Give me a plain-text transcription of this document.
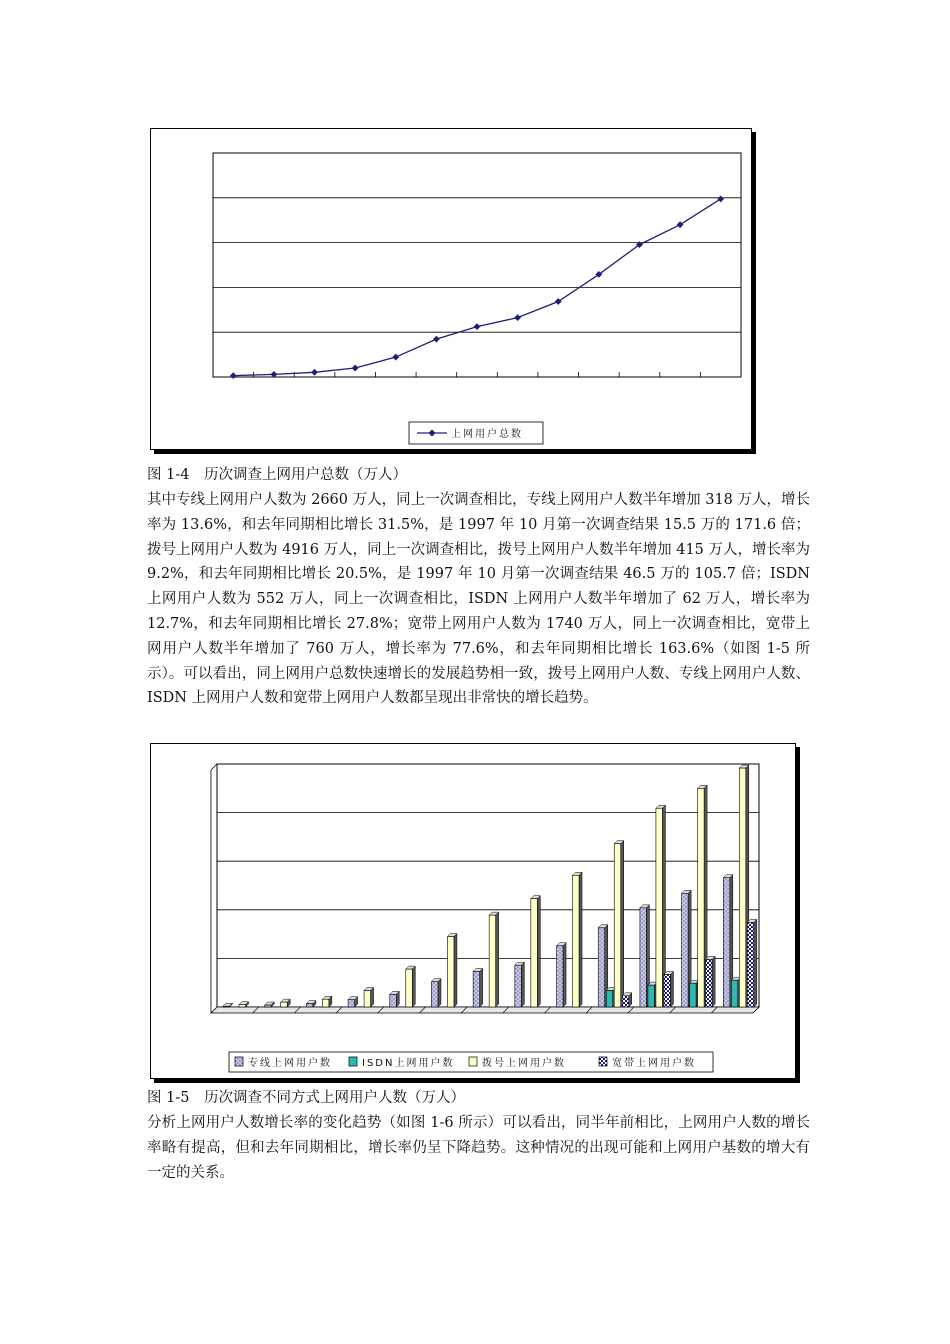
上网用户总数
图 1-4　历次调查上网用户总数（万人）
其中专线上网用户人数为 2660 万人，同上一次调查相比，专线上网用户人数半年增加 318 万人，增长率为 13.6%，和去年同期相比增长 31.5%，是 1997 年 10 月第一次调查结果 15.5 万的 171.6 倍；拨号上网用户人数为 4916 万人，同上一次调查相比，拨号上网用户人数半年增加 415 万人，增长率为 9.2%，和去年同期相比增长 20.5%，是 1997 年 10 月第一次调查结果 46.5 万的 105.7 倍；ISDN 上网用户人数为 552 万人，同上一次调查相比，ISDN 上网用户人数半年增加了 62 万人，增长率为 12.7%，和去年同期相比增长 27.8%；宽带上网用户人数为 1740 万人，同上一次调查相比，宽带上网用户人数半年增加了 760 万人，增长率为 77.6%，和去年同期相比增长 163.6%（如图 1-5 所示）。可以看出，同上网用户总数快速增长的发展趋势相一致，拨号上网用户人数、专线上网用户人数、ISDN 上网用户人数和宽带上网用户人数都呈现出非常快的增长趋势。
专线上网用户数	ISDN上网用户数	拨号上网用户数	宽带上网用户数
图 1-5　历次调查不同方式上网用户人数（万人）
分析上网用户人数增长率的变化趋势（如图 1-6 所示）可以看出，同半年前相比，上网用户人数的增长率略有提高，但和去年同期相比，增长率仍呈下降趋势。这种情况的出现可能和上网用户基数的增大有一定的关系。
